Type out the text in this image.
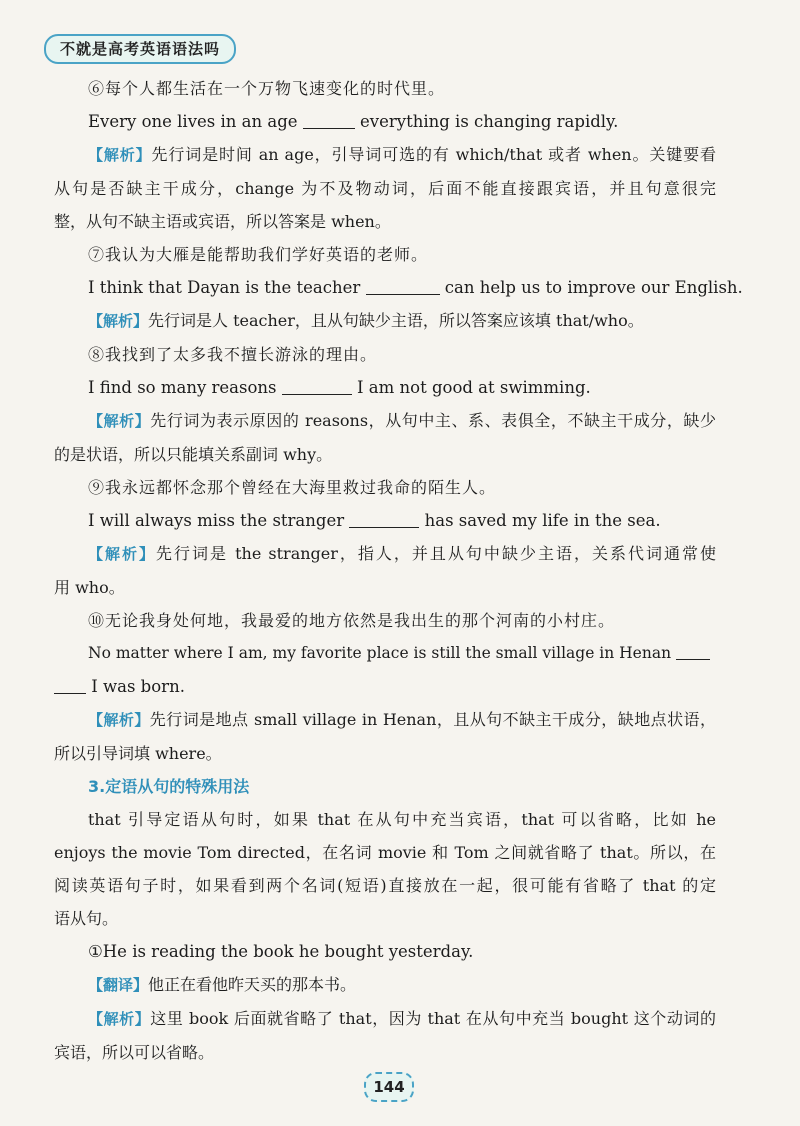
不就是高考英语语法吗
⑥每个人都生活在一个万物飞速变化的时代里。
Every one lives in an age	everything is changing rapidly.
【解析】先行词是时间 an age，引导词可选的有 which/that 或者 when。关键要看
从句是否缺主干成分，change 为不及物动词，后面不能直接跟宾语，并且句意很完
整，从句不缺主语或宾语，所以答案是 when。
⑦我认为大雁是能帮助我们学好英语的老师。
I think that Dayan is the teacher	can help us to improve our English.
【解析】先行词是人 teacher，且从句缺少主语，所以答案应该填 that/who。
⑧我找到了太多我不擅长游泳的理由。
I find so many reasons	I am not good at swimming.
【解析】先行词为表示原因的 reasons，从句中主、系、表俱全，不缺主干成分，缺少
的是状语，所以只能填关系副词 why。
⑨我永远都怀念那个曾经在大海里救过我命的陌生人。
I will always miss the stranger	has saved my life in the sea.
【解析】先行词是 the stranger，指人，并且从句中缺少主语，关系代词通常使
用 who。
⑩无论我身处何地，我最爱的地方依然是我出生的那个河南的小村庄。
No matter where I am, my favorite place is still the small village in Henan
I was born.
【解析】先行词是地点 small village in Henan，且从句不缺主干成分，缺地点状语，
所以引导词填 where。
3.定语从句的特殊用法
that 引导定语从句时，如果 that 在从句中充当宾语，that 可以省略，比如 he
enjoys the movie Tom directed，在名词 movie 和 Tom 之间就省略了 that。所以，在
阅读英语句子时，如果看到两个名词(短语)直接放在一起，很可能有省略了 that 的定
语从句。
①He is reading the book he bought yesterday.
【翻译】他正在看他昨天买的那本书。
【解析】这里 book 后面就省略了 that，因为 that 在从句中充当 bought 这个动词的
宾语，所以可以省略。
144
